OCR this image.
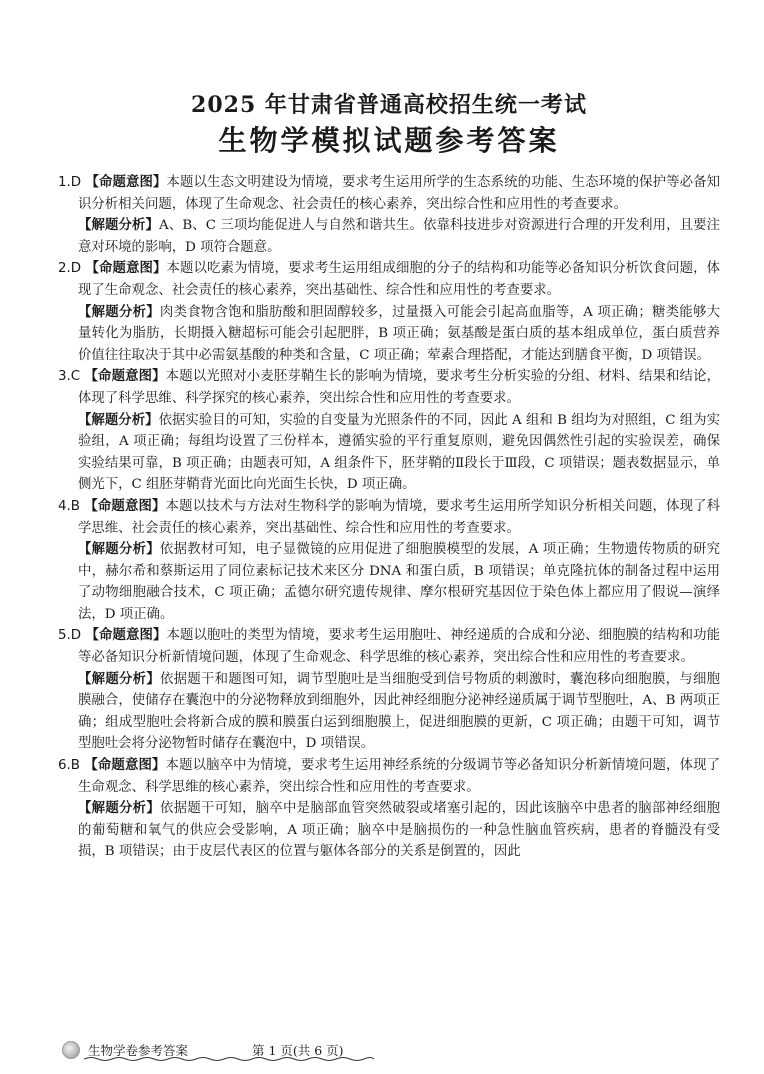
2025 年甘肃省普通高校招生统一考试
生物学模拟试题参考答案

1.D 【命题意图】本题以生态文明建设为情境，要求考生运用所学的生态系统的功能、生态环境的保护等必备知识分析相关问题，体现了生命观念、社会责任的核心素养，突出综合性和应用性的考查要求。

【解题分析】A、B、C 三项均能促进人与自然和谐共生。依靠科技进步对资源进行合理的开发利用，且要注意对环境的影响，D 项符合题意。

2.D 【命题意图】本题以吃素为情境，要求考生运用组成细胞的分子的结构和功能等必备知识分析饮食问题，体现了生命观念、社会责任的核心素养，突出基础性、综合性和应用性的考查要求。

【解题分析】肉类食物含饱和脂肪酸和胆固醇较多，过量摄入可能会引起高血脂等，A 项正确；糖类能够大量转化为脂肪，长期摄入糖超标可能会引起肥胖，B 项正确；氨基酸是蛋白质的基本组成单位，蛋白质营养价值往往取决于其中必需氨基酸的种类和含量，C 项正确；荤素合理搭配，才能达到膳食平衡，D 项错误。

3.C 【命题意图】本题以光照对小麦胚芽鞘生长的影响为情境，要求考生分析实验的分组、材料、结果和结论，体现了科学思维、科学探究的核心素养，突出综合性和应用性的考查要求。

【解题分析】依据实验目的可知，实验的自变量为光照条件的不同，因此 A 组和 B 组均为对照组，C 组为实验组，A 项正确；每组均设置了三份样本，遵循实验的平行重复原则，避免因偶然性引起的实验误差，确保实验结果可靠，B 项正确；由题表可知，A 组条件下，胚芽鞘的Ⅱ段长于Ⅲ段，C 项错误；题表数据显示，单侧光下，C 组胚芽鞘背光面比向光面生长快，D 项正确。

4.B 【命题意图】本题以技术与方法对生物科学的影响为情境，要求考生运用所学知识分析相关问题，体现了科学思维、社会责任的核心素养，突出基础性、综合性和应用性的考查要求。

【解题分析】依据教材可知，电子显微镜的应用促进了细胞膜模型的发展，A 项正确；生物遗传物质的研究中，赫尔希和蔡斯运用了同位素标记技术来区分 DNA 和蛋白质，B 项错误；单克隆抗体的制备过程中运用了动物细胞融合技术，C 项正确；孟德尔研究遗传规律、摩尔根研究基因位于染色体上都应用了假说—演绎法，D 项正确。

5.D 【命题意图】本题以胞吐的类型为情境，要求考生运用胞吐、神经递质的合成和分泌、细胞膜的结构和功能等必备知识分析新情境问题，体现了生命观念、科学思维的核心素养，突出综合性和应用性的考查要求。

【解题分析】依据题干和题图可知，调节型胞吐是当细胞受到信号物质的刺激时，囊泡移向细胞膜，与细胞膜融合，使储存在囊泡中的分泌物释放到细胞外，因此神经细胞分泌神经递质属于调节型胞吐，A、B 两项正确；组成型胞吐会将新合成的膜和膜蛋白运到细胞膜上，促进细胞膜的更新，C 项正确；由题干可知，调节型胞吐会将分泌物暂时储存在囊泡中，D 项错误。

6.B 【命题意图】本题以脑卒中为情境，要求考生运用神经系统的分级调节等必备知识分析新情境问题，体现了生命观念、科学思维的核心素养，突出综合性和应用性的考查要求。

【解题分析】依据题干可知，脑卒中是脑部血管突然破裂或堵塞引起的，因此该脑卒中患者的脑部神经细胞的葡萄糖和氧气的供应会受影响，A 项正确；脑卒中是脑损伤的一种急性脑血管疾病，患者的脊髓没有受损，B 项错误；由于皮层代表区的位置与躯体各部分的关系是倒置的，因此

生物学卷参考答案	第 1 页(共 6 页)
